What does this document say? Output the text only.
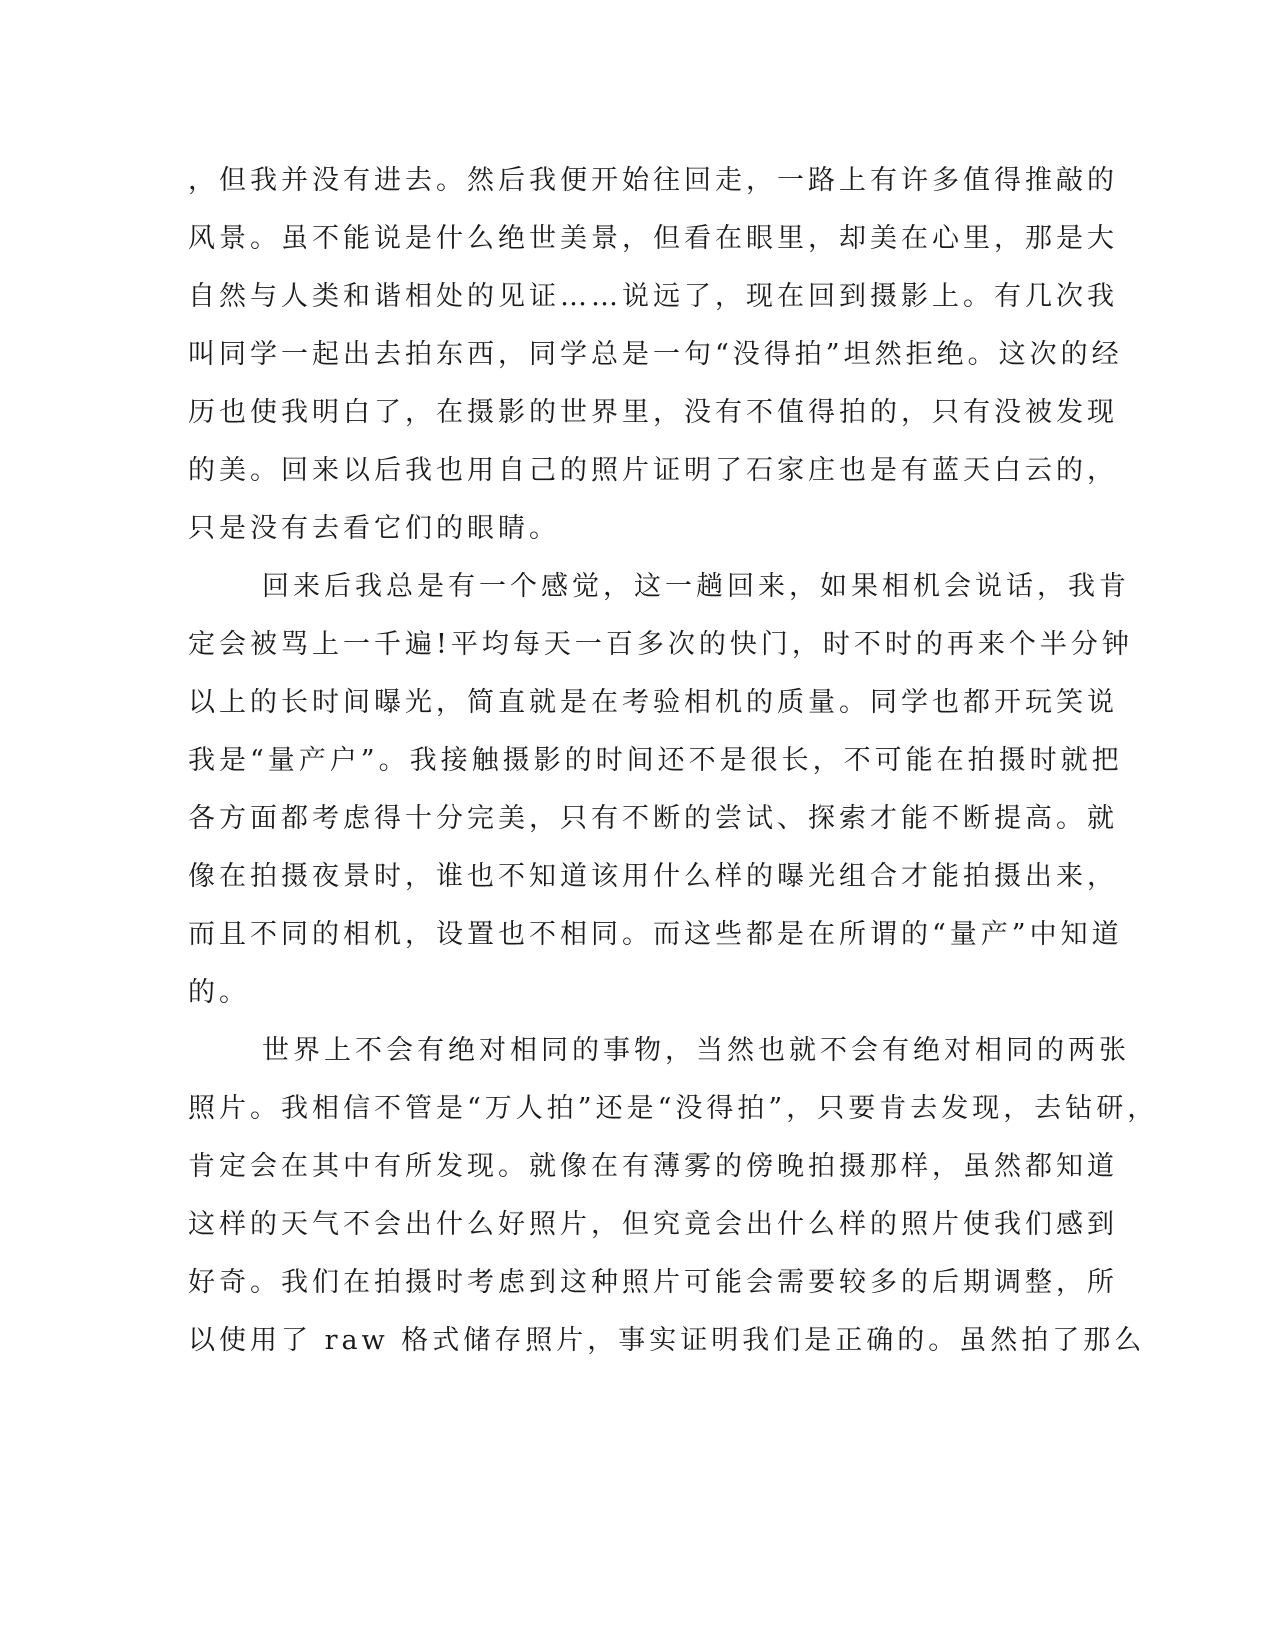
，但我并没有进去。然后我便开始往回走，一路上有许多值得推敲的
风景。虽不能说是什么绝世美景，但看在眼里，却美在心里，那是大
自然与人类和谐相处的见证……说远了，现在回到摄影上。有几次我
叫同学一起出去拍东西，同学总是一句“没得拍”坦然拒绝。这次的经
历也使我明白了，在摄影的世界里，没有不值得拍的，只有没被发现
的美。回来以后我也用自己的照片证明了石家庄也是有蓝天白云的，
只是没有去看它们的眼睛。
回来后我总是有一个感觉，这一趟回来，如果相机会说话，我肯
定会被骂上一千遍!平均每天一百多次的快门，时不时的再来个半分钟
以上的长时间曝光，简直就是在考验相机的质量。同学也都开玩笑说
我是“量产户”。我接触摄影的时间还不是很长，不可能在拍摄时就把
各方面都考虑得十分完美，只有不断的尝试、探索才能不断提高。就
像在拍摄夜景时，谁也不知道该用什么样的曝光组合才能拍摄出来，
而且不同的相机，设置也不相同。而这些都是在所谓的“量产”中知道
的。
世界上不会有绝对相同的事物，当然也就不会有绝对相同的两张
照片。我相信不管是“万人拍”还是“没得拍”，只要肯去发现，去钻研，
肯定会在其中有所发现。就像在有薄雾的傍晚拍摄那样，虽然都知道
这样的天气不会出什么好照片，但究竟会出什么样的照片使我们感到
好奇。我们在拍摄时考虑到这种照片可能会需要较多的后期调整，所
以使用了 raw 格式储存照片，事实证明我们是正确的。虽然拍了那么
